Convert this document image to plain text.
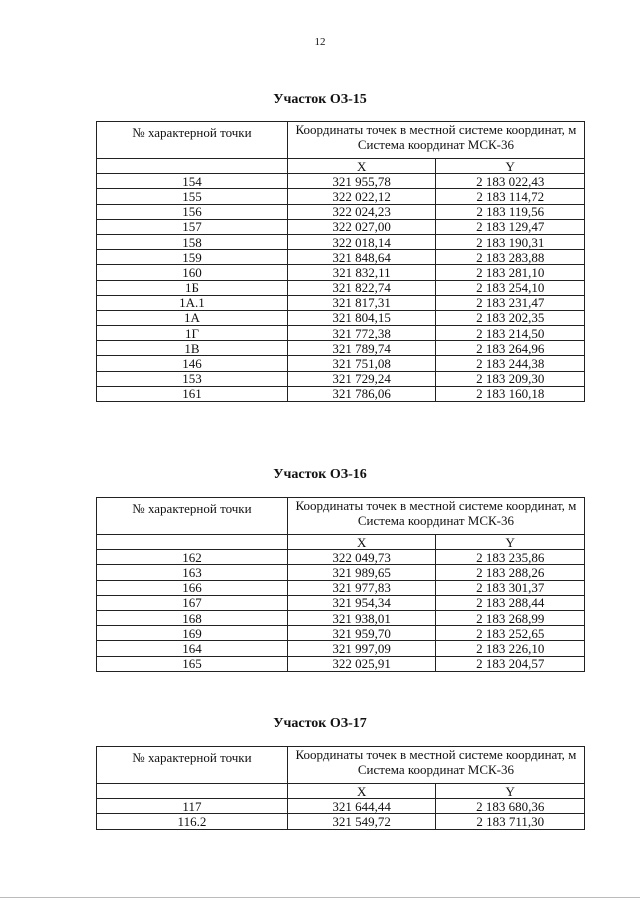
12
Участок ОЗ-15
№ характерной точки	Координаты точек в местной системе координат, м
Система координат МСК-36	

	X	Y
154	321 955,78	2 183 022,43
155	322 022,12	2 183 114,72
156	322 024,23	2 183 119,56
157	322 027,00	2 183 129,47
158	322 018,14	2 183 190,31
159	321 848,64	2 183 283,88
160	321 832,11	2 183 281,10
1Б	321 822,74	2 183 254,10
1А.1	321 817,31	2 183 231,47
1А	321 804,15	2 183 202,35
1Г	321 772,38	2 183 214,50
1В	321 789,74	2 183 264,96
146	321 751,08	2 183 244,38
153	321 729,24	2 183 209,30
161	321 786,06	2 183 160,18
Участок ОЗ-16
№ характерной точки	Координаты точек в местной системе координат, м
Система координат МСК-36	

	X	Y
162	322 049,73	2 183 235,86
163	321 989,65	2 183 288,26
166	321 977,83	2 183 301,37
167	321 954,34	2 183 288,44
168	321 938,01	2 183 268,99
169	321 959,70	2 183 252,65
164	321 997,09	2 183 226,10
165	322 025,91	2 183 204,57
Участок ОЗ-17
№ характерной точки	Координаты точек в местной системе координат, м
Система координат МСК-36	

	X	Y
117	321 644,44	2 183 680,36
116.2	321 549,72	2 183 711,30
